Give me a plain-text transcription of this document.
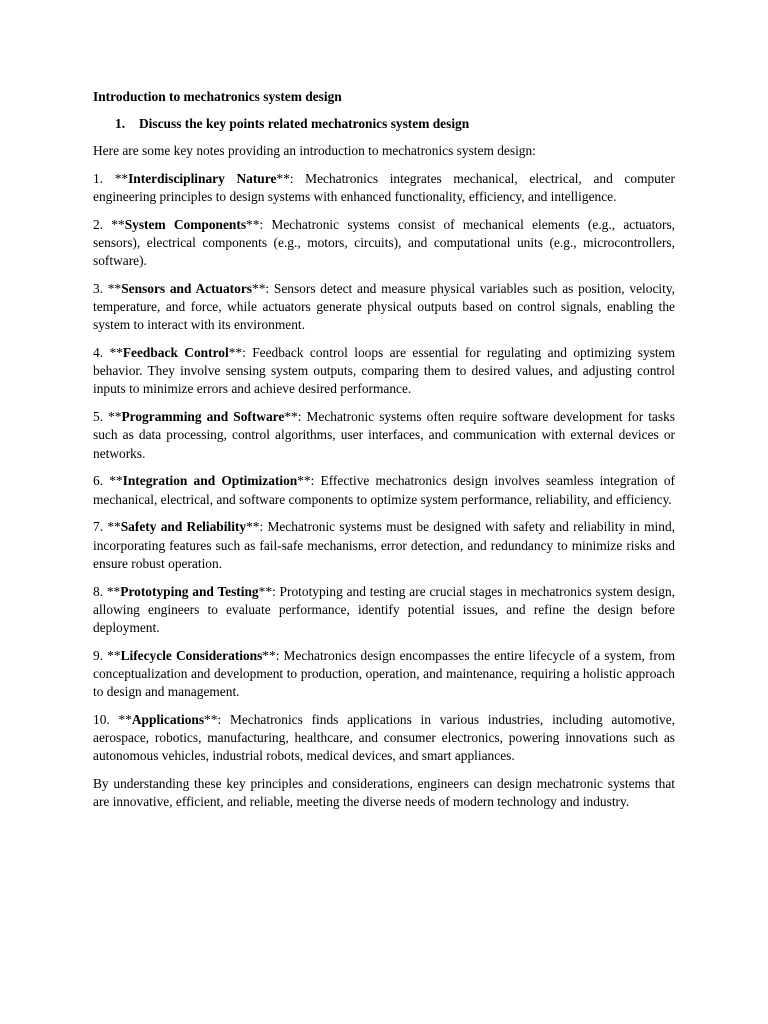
Introduction to mechatronics system design

1. Discuss the key points related mechatronics system design

Here are some key notes providing an introduction to mechatronics system design:

1. **Interdisciplinary Nature**: Mechatronics integrates mechanical, electrical, and computer engineering principles to design systems with enhanced functionality, efficiency, and intelligence.

2. **System Components**: Mechatronic systems consist of mechanical elements (e.g., actuators, sensors), electrical components (e.g., motors, circuits), and computational units (e.g., microcontrollers, software).

3. **Sensors and Actuators**: Sensors detect and measure physical variables such as position, velocity, temperature, and force, while actuators generate physical outputs based on control signals, enabling the system to interact with its environment.

4. **Feedback Control**: Feedback control loops are essential for regulating and optimizing system behavior. They involve sensing system outputs, comparing them to desired values, and adjusting control inputs to minimize errors and achieve desired performance.

5. **Programming and Software**: Mechatronic systems often require software development for tasks such as data processing, control algorithms, user interfaces, and communication with external devices or networks.

6. **Integration and Optimization**: Effective mechatronics design involves seamless integration of mechanical, electrical, and software components to optimize system performance, reliability, and efficiency.

7. **Safety and Reliability**: Mechatronic systems must be designed with safety and reliability in mind, incorporating features such as fail-safe mechanisms, error detection, and redundancy to minimize risks and ensure robust operation.

8. **Prototyping and Testing**: Prototyping and testing are crucial stages in mechatronics system design, allowing engineers to evaluate performance, identify potential issues, and refine the design before deployment.

9. **Lifecycle Considerations**: Mechatronics design encompasses the entire lifecycle of a system, from conceptualization and development to production, operation, and maintenance, requiring a holistic approach to design and management.

10. **Applications**: Mechatronics finds applications in various industries, including automotive, aerospace, robotics, manufacturing, healthcare, and consumer electronics, powering innovations such as autonomous vehicles, industrial robots, medical devices, and smart appliances.

By understanding these key principles and considerations, engineers can design mechatronic systems that are innovative, efficient, and reliable, meeting the diverse needs of modern technology and industry.
